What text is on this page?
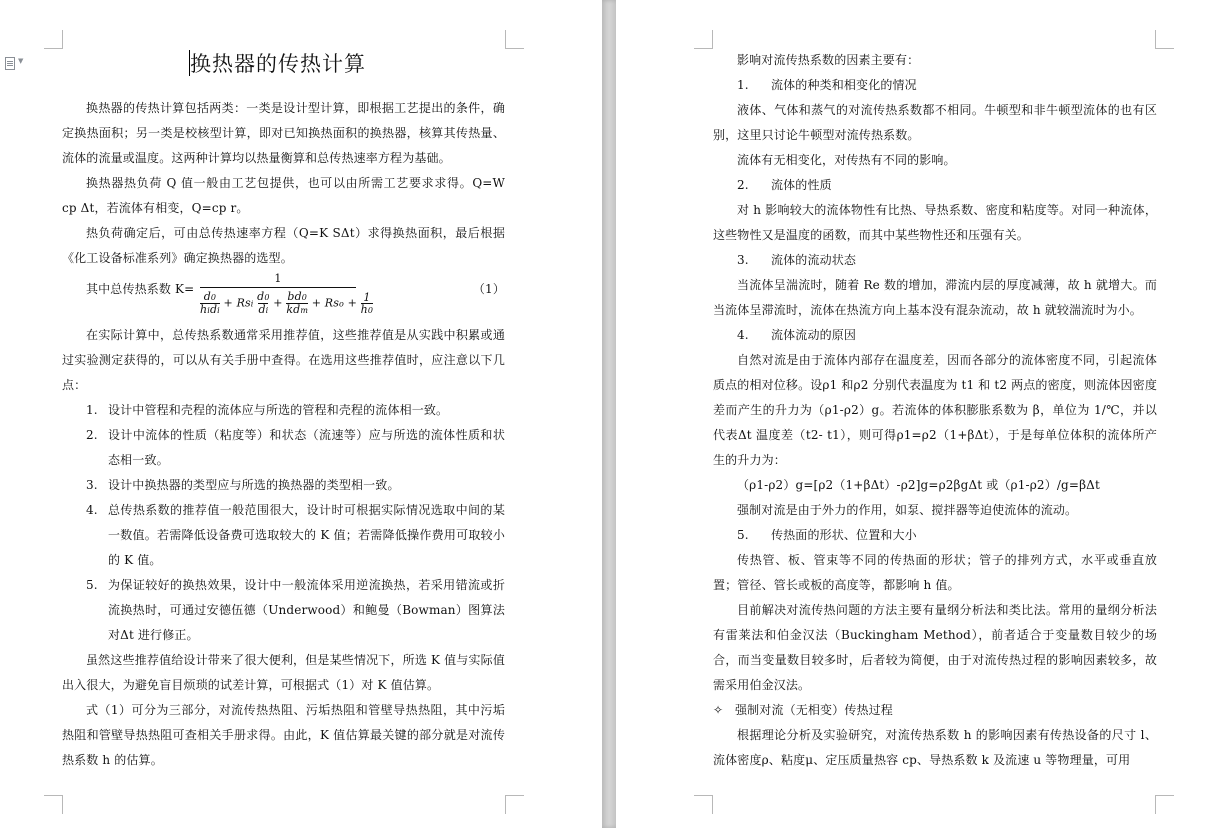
▼	换热器的传热计算

换热器的传热计算包括两类：一类是设计型计算，即根据工艺提出的条件，确定换热面积；另一类是校核型计算，即对已知换热面积的换热器，核算其传热量、流体的流量或温度。这两种计算均以热量衡算和总传热速率方程为基础。

换热器热负荷 Q 值一般由工艺包提供，也可以由所需工艺要求求得。Q=W cp Δt，若流体有相变，Q=cp r。

热负荷确定后，可由总传热速率方程（Q=K SΔt）求得换热面积，最后根据《化工设备标准系列》确定换热器的选型。

其中总传热系数 K=
1
d0
hidi + Rsi d0
di + bd0
kdm + Rso + 1
h0
（1）

在实际计算中，总传热系数通常采用推荐值，这些推荐值是从实践中积累或通过实验测定获得的，可以从有关手册中查得。在选用这些推荐值时，应注意以下几点：

1. 设计中管程和壳程的流体应与所选的管程和壳程的流体相一致。
2. 设计中流体的性质（粘度等）和状态（流速等）应与所选的流体性质和状态相一致。
3. 设计中换热器的类型应与所选的换热器的类型相一致。
4. 总传热系数的推荐值一般范围很大，设计时可根据实际情况选取中间的某一数值。若需降低设备费可选取较大的 K 值；若需降低操作费用可取较小的 K 值。
5. 为保证较好的换热效果，设计中一般流体采用逆流换热，若采用错流或折流换热时，可通过安德伍德（Underwood）和鲍曼（Bowman）图算法对Δt 进行修正。

虽然这些推荐值给设计带来了很大便利，但是某些情况下，所选 K 值与实际值出入很大，为避免盲目烦琐的试差计算，可根据式（1）对 K 值估算。

式（1）可分为三部分，对流传热热阻、污垢热阻和管壁导热热阻，其中污垢热阻和管壁导热热阻可查相关手册求得。由此，K 值估算最关键的部分就是对流传热系数 h 的估算。

影响对流传热系数的因素主要有：

1. 流体的种类和相变化的情况

液体、气体和蒸气的对流传热系数都不相同。牛顿型和非牛顿型流体的也有区别，这里只讨论牛顿型对流传热系数。

流体有无相变化，对传热有不同的影响。

2. 流体的性质

对 h 影响较大的流体物性有比热、导热系数、密度和粘度等。对同一种流体，这些物性又是温度的函数，而其中某些物性还和压强有关。

3. 流体的流动状态

当流体呈湍流时，随着 Re 数的增加，滞流内层的厚度减薄，故 h 就增大。而当流体呈滞流时，流体在热流方向上基本没有混杂流动，故 h 就较湍流时为小。

4. 流体流动的原因

自然对流是由于流体内部存在温度差，因而各部分的流体密度不同，引起流体质点的相对位移。设ρ1 和ρ2 分别代表温度为 t1 和 t2 两点的密度，则流体因密度差而产生的升力为（ρ1-ρ2）g。若流体的体积膨胀系数为 β，单位为 1/℃，并以代表Δt 温度差（t2- t1），则可得ρ1=ρ2（1+βΔt），于是每单位体积的流体所产生的升力为：

（ρ1-ρ2）g=[ρ2（1+βΔt）-ρ2]g=ρ2βgΔt 或（ρ1-ρ2）/g=βΔt

强制对流是由于外力的作用，如泵、搅拌器等迫使流体的流动。

5. 传热面的形状、位置和大小

传热管、板、管束等不同的传热面的形状；管子的排列方式，水平或垂直放置；管径、管长或板的高度等，都影响 h 值。

目前解决对流传热问题的方法主要有量纲分析法和类比法。常用的量纲分析法有雷莱法和伯金汉法（Buckingham Method），前者适合于变量数目较少的场合，而当变量数目较多时，后者较为简便，由于对流传热过程的影响因素较多，故需采用伯金汉法。

✧ 强制对流（无相变）传热过程

根据理论分析及实验研究，对流传热系数 h 的影响因素有传热设备的尺寸 l、流体密度ρ、粘度μ、定压质量热容 cp、导热系数 k 及流速 u 等物理量，可用
